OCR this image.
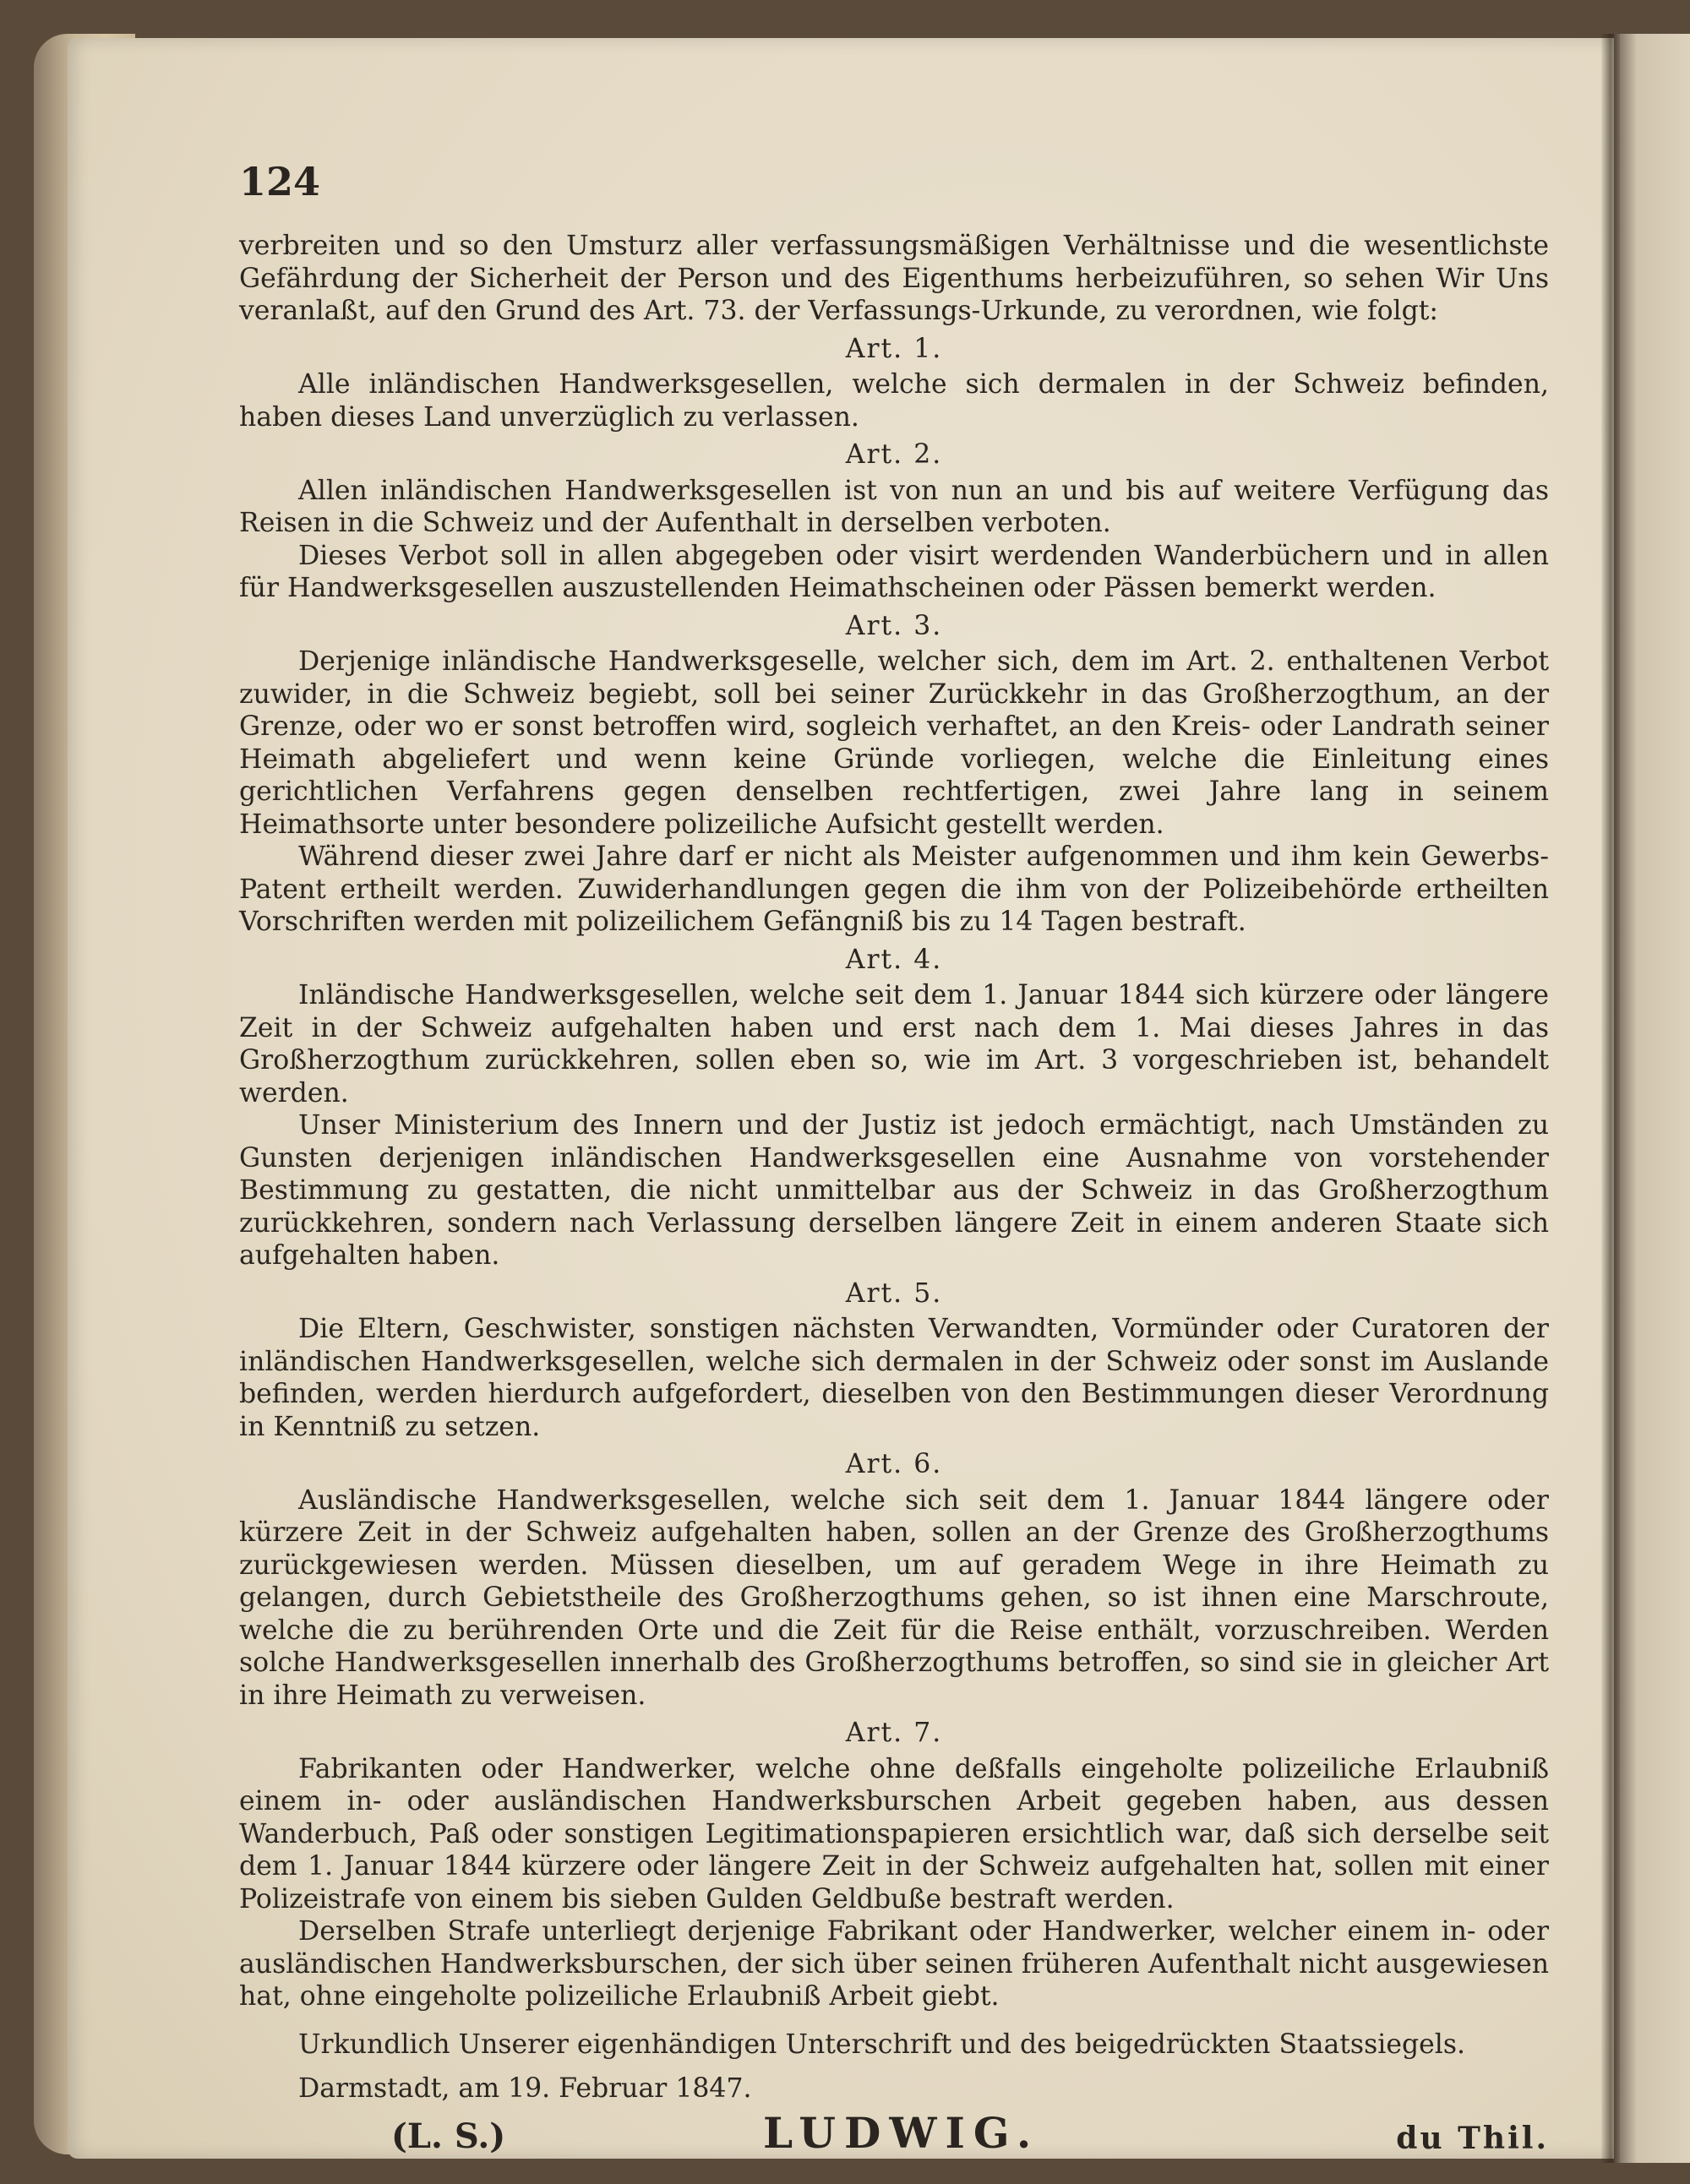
124

verbreiten und so den Umsturz aller verfassungsmäßigen Verhältnisse und die wesentlichste Gefährdung der Sicherheit der Person und des Eigenthums herbeizuführen, so sehen Wir Uns veranlaßt, auf den Grund des Art. 73. der Verfassungs-Urkunde, zu verordnen, wie folgt:

Art. 1.

Alle inländischen Handwerksgesellen, welche sich dermalen in der Schweiz befinden, haben dieses Land unverzüglich zu verlassen.

Art. 2.

Allen inländischen Handwerksgesellen ist von nun an und bis auf weitere Verfügung das Reisen in die Schweiz und der Aufenthalt in derselben verboten.

Dieses Verbot soll in allen abgegeben oder visirt werdenden Wanderbüchern und in allen für Handwerksgesellen auszustellenden Heimathscheinen oder Pässen bemerkt werden.

Art. 3.

Derjenige inländische Handwerksgeselle, welcher sich, dem im Art. 2. enthaltenen Verbot zuwider, in die Schweiz begiebt, soll bei seiner Zurückkehr in das Großherzogthum, an der Grenze, oder wo er sonst betroffen wird, sogleich verhaftet, an den Kreis- oder Landrath seiner Heimath abgeliefert und wenn keine Gründe vorliegen, welche die Einleitung eines gerichtlichen Verfahrens gegen denselben rechtfertigen, zwei Jahre lang in seinem Heimathsorte unter besondere polizeiliche Aufsicht gestellt werden.

Während dieser zwei Jahre darf er nicht als Meister aufgenommen und ihm kein Gewerbs-Patent ertheilt werden. Zuwiderhandlungen gegen die ihm von der Polizeibehörde ertheilten Vorschriften werden mit polizeilichem Gefängniß bis zu 14 Tagen bestraft.

Art. 4.

Inländische Handwerksgesellen, welche seit dem 1. Januar 1844 sich kürzere oder längere Zeit in der Schweiz aufgehalten haben und erst nach dem 1. Mai dieses Jahres in das Großherzogthum zurückkehren, sollen eben so, wie im Art. 3 vorgeschrieben ist, behandelt werden.

Unser Ministerium des Innern und der Justiz ist jedoch ermächtigt, nach Umständen zu Gunsten derjenigen inländischen Handwerksgesellen eine Ausnahme von vorstehender Bestimmung zu gestatten, die nicht unmittelbar aus der Schweiz in das Großherzogthum zurückkehren, sondern nach Verlassung derselben längere Zeit in einem anderen Staate sich aufgehalten haben.

Art. 5.

Die Eltern, Geschwister, sonstigen nächsten Verwandten, Vormünder oder Curatoren der inländischen Handwerksgesellen, welche sich dermalen in der Schweiz oder sonst im Auslande befinden, werden hierdurch aufgefordert, dieselben von den Bestimmungen dieser Verordnung in Kenntniß zu setzen.

Art. 6.

Ausländische Handwerksgesellen, welche sich seit dem 1. Januar 1844 längere oder kürzere Zeit in der Schweiz aufgehalten haben, sollen an der Grenze des Großherzogthums zurückgewiesen werden. Müssen dieselben, um auf geradem Wege in ihre Heimath zu gelangen, durch Gebietstheile des Großherzogthums gehen, so ist ihnen eine Marschroute, welche die zu berührenden Orte und die Zeit für die Reise enthält, vorzuschreiben. Werden solche Handwerksgesellen innerhalb des Großherzogthums betroffen, so sind sie in gleicher Art in ihre Heimath zu verweisen.

Art. 7.

Fabrikanten oder Handwerker, welche ohne deßfalls eingeholte polizeiliche Erlaubniß einem in- oder ausländischen Handwerksburschen Arbeit gegeben haben, aus dessen Wanderbuch, Paß oder sonstigen Legitimationspapieren ersichtlich war, daß sich derselbe seit dem 1. Januar 1844 kürzere oder längere Zeit in der Schweiz aufgehalten hat, sollen mit einer Polizeistrafe von einem bis sieben Gulden Geldbuße bestraft werden.

Derselben Strafe unterliegt derjenige Fabrikant oder Handwerker, welcher einem in- oder ausländischen Handwerksburschen, der sich über seinen früheren Aufenthalt nicht ausgewiesen hat, ohne eingeholte polizeiliche Erlaubniß Arbeit giebt.

Urkundlich Unserer eigenhändigen Unterschrift und des beigedrückten Staatssiegels.

Darmstadt, am 19. Februar 1847.

(L. S.)	LUDWIG.	du Thil.
